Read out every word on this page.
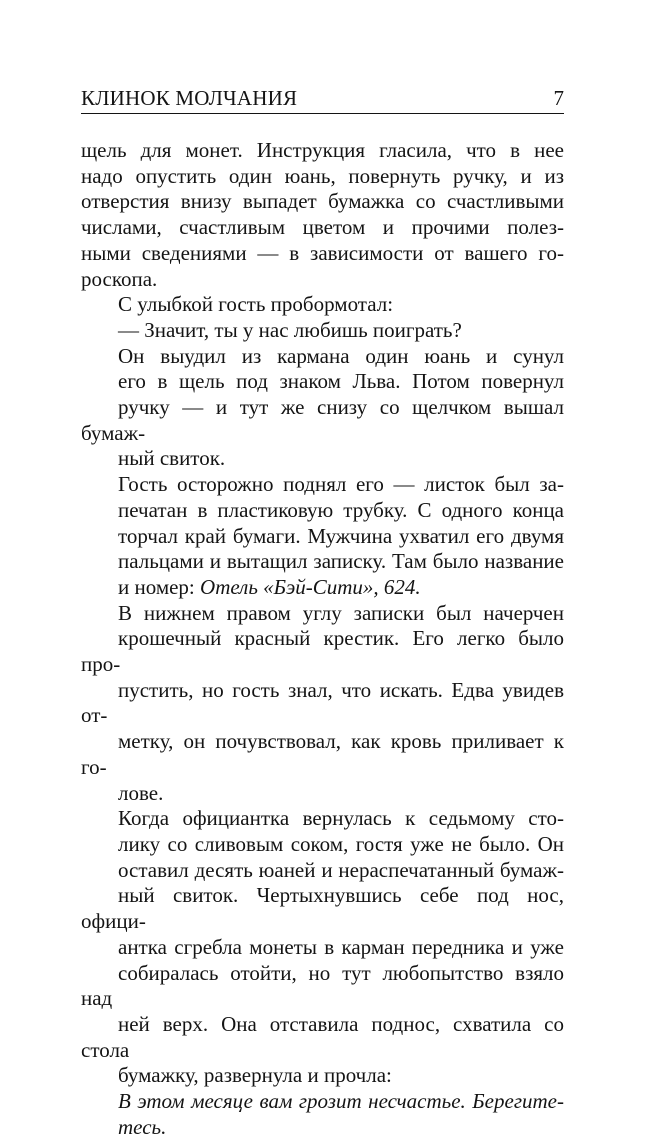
КЛИНОК МОЛЧАНИЯ	7

щель для монет. Инструкция гласила, что в нее
надо опустить один юань, повернуть ручку, и из
отверстия внизу выпадет бумажка со счастливыми
числами, счастливым цветом и прочими полез-
ными сведениями — в зависимости от вашего го-
роскопа.

С улыбкой гость пробормотал:

— Значит, ты у нас любишь поиграть?

Он выудил из кармана один юань и сунул
его в щель под знаком Льва. Потом повернул
ручку — и тут же снизу со щелчком вышал бумаж-
ный свиток.

Гость осторожно поднял его — листок был за-
печатан в пластиковую трубку. С одного конца
торчал край бумаги. Мужчина ухватил его двумя
пальцами и вытащил записку. Там было название
и номер: Отель «Бэй-Сити», 624.

В нижнем правом углу записки был начерчен
крошечный красный крестик. Его легко было про-
пустить, но гость знал, что искать. Едва увидев от-
метку, он почувствовал, как кровь приливает к го-
лове.

Когда официантка вернулась к седьмому сто-
лику со сливовым соком, гостя уже не было. Он
оставил десять юаней и нераспечатанный бумаж-
ный свиток. Чертыхнувшись себе под нос, офици-
антка сгребла монеты в карман передника и уже
собиралась отойти, но тут любопытство взяло над
ней верх. Она отставила поднос, схватила со стола
бумажку, развернула и прочла:

В этом месяце вам грозит несчастье. Берегите-
тесь.
